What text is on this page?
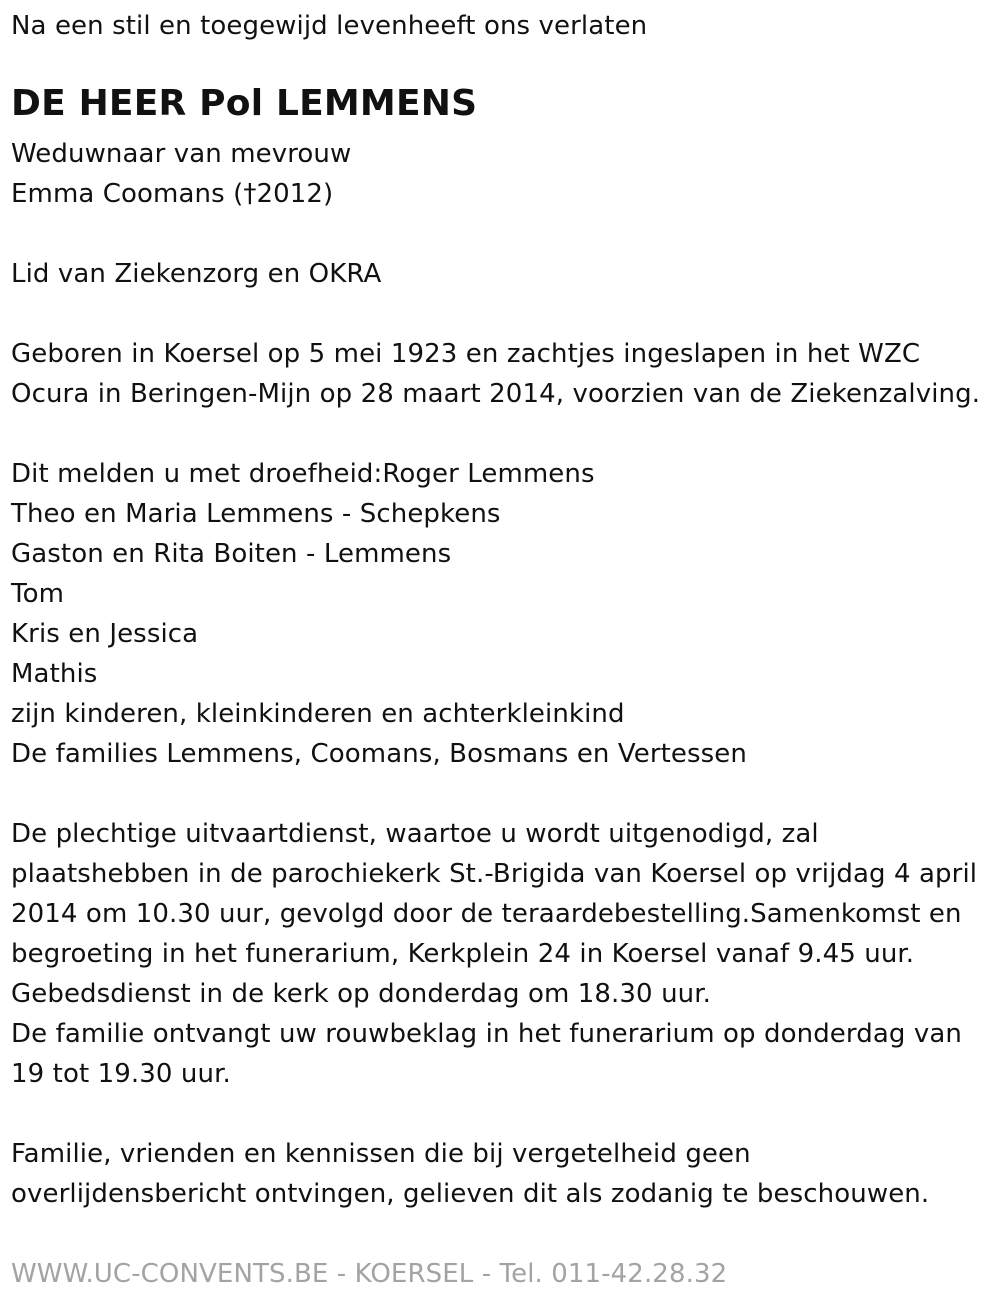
Na een stil en toegewijd levenheeft ons verlaten
DE HEER Pol LEMMENS
Weduwnaar van mevrouw
Emma Coomans (†2012)
Lid van Ziekenzorg en OKRA
Geboren in Koersel op 5 mei 1923 en zachtjes ingeslapen in het WZC
Ocura in Beringen-Mijn op 28 maart 2014, voorzien van de Ziekenzalving.
Dit melden u met droefheid:Roger Lemmens
Theo en Maria Lemmens - Schepkens
Gaston en Rita Boiten - Lemmens
Tom
Kris en Jessica
Mathis
zijn kinderen, kleinkinderen en achterkleinkind
De families Lemmens, Coomans, Bosmans en Vertessen
De plechtige uitvaartdienst, waartoe u wordt uitgenodigd, zal
plaatshebben in de parochiekerk St.-Brigida van Koersel op vrijdag 4 april
2014 om 10.30 uur, gevolgd door de teraardebestelling.Samenkomst en
begroeting in het funerarium, Kerkplein 24 in Koersel vanaf 9.45 uur.
Gebedsdienst in de kerk op donderdag om 18.30 uur.
De familie ontvangt uw rouwbeklag in het funerarium op donderdag van
19 tot 19.30 uur.
Familie, vrienden en kennissen die bij vergetelheid geen
overlijdensbericht ontvingen, gelieven dit als zodanig te beschouwen.
WWW.UC-CONVENTS.BE - KOERSEL - Tel. 011-42.28.32
